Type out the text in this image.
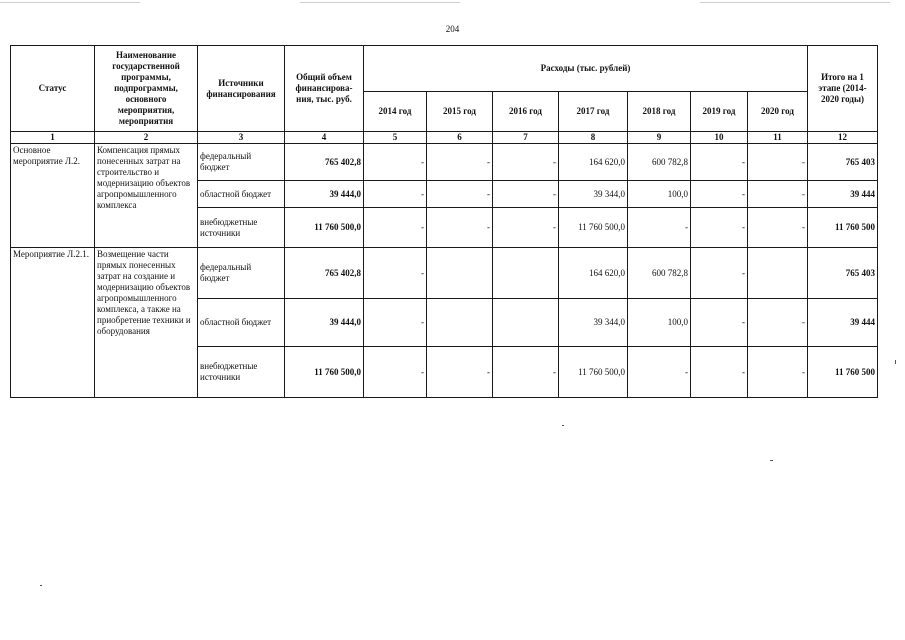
204
Статус	Наименование государственной программы, подпрограммы, основного мероприятия, мероприятия	Источники финансирования	Общий объем финансирова-ния, тыс. руб.	Расходы (тыс. рублей)							Итого на 1 этапе (2014-2020 годы)
				2014 год	2015 год	2016 год	2017 год	2018 год	2019 год	2020 год	
1	2	3	4	5	6	7	8	9	10	11	12
Основное мероприятие Л.2.	Компенсация прямых понесенных затрат на строительство и модернизацию объектов агропромышленного комплекса	федеральный бюджет	765 402,8	-	-	-	164 620,0	600 782,8	-	-	765 403
		областной бюджет	39 444,0	-	-	-	39 344,0	100,0	-	-	39 444
		внебюджетные источники	11 760 500,0	-	-	-	11 760 500,0	-	-	-	11 760 500
Мероприятие Л.2.1.	Возмещение части прямых понесенных затрат на создание и модернизацию объектов агропромышленного комплекса, а также на приобретение техники и оборудования	федеральный бюджет	765 402,8	-			164 620,0	600 782,8	-		765 403
		областной бюджет	39 444,0	-			39 344,0	100,0	-	-	39 444
		внебюджетные источники	11 760 500,0	-	-	-	11 760 500,0	-	-	-	11 760 500
